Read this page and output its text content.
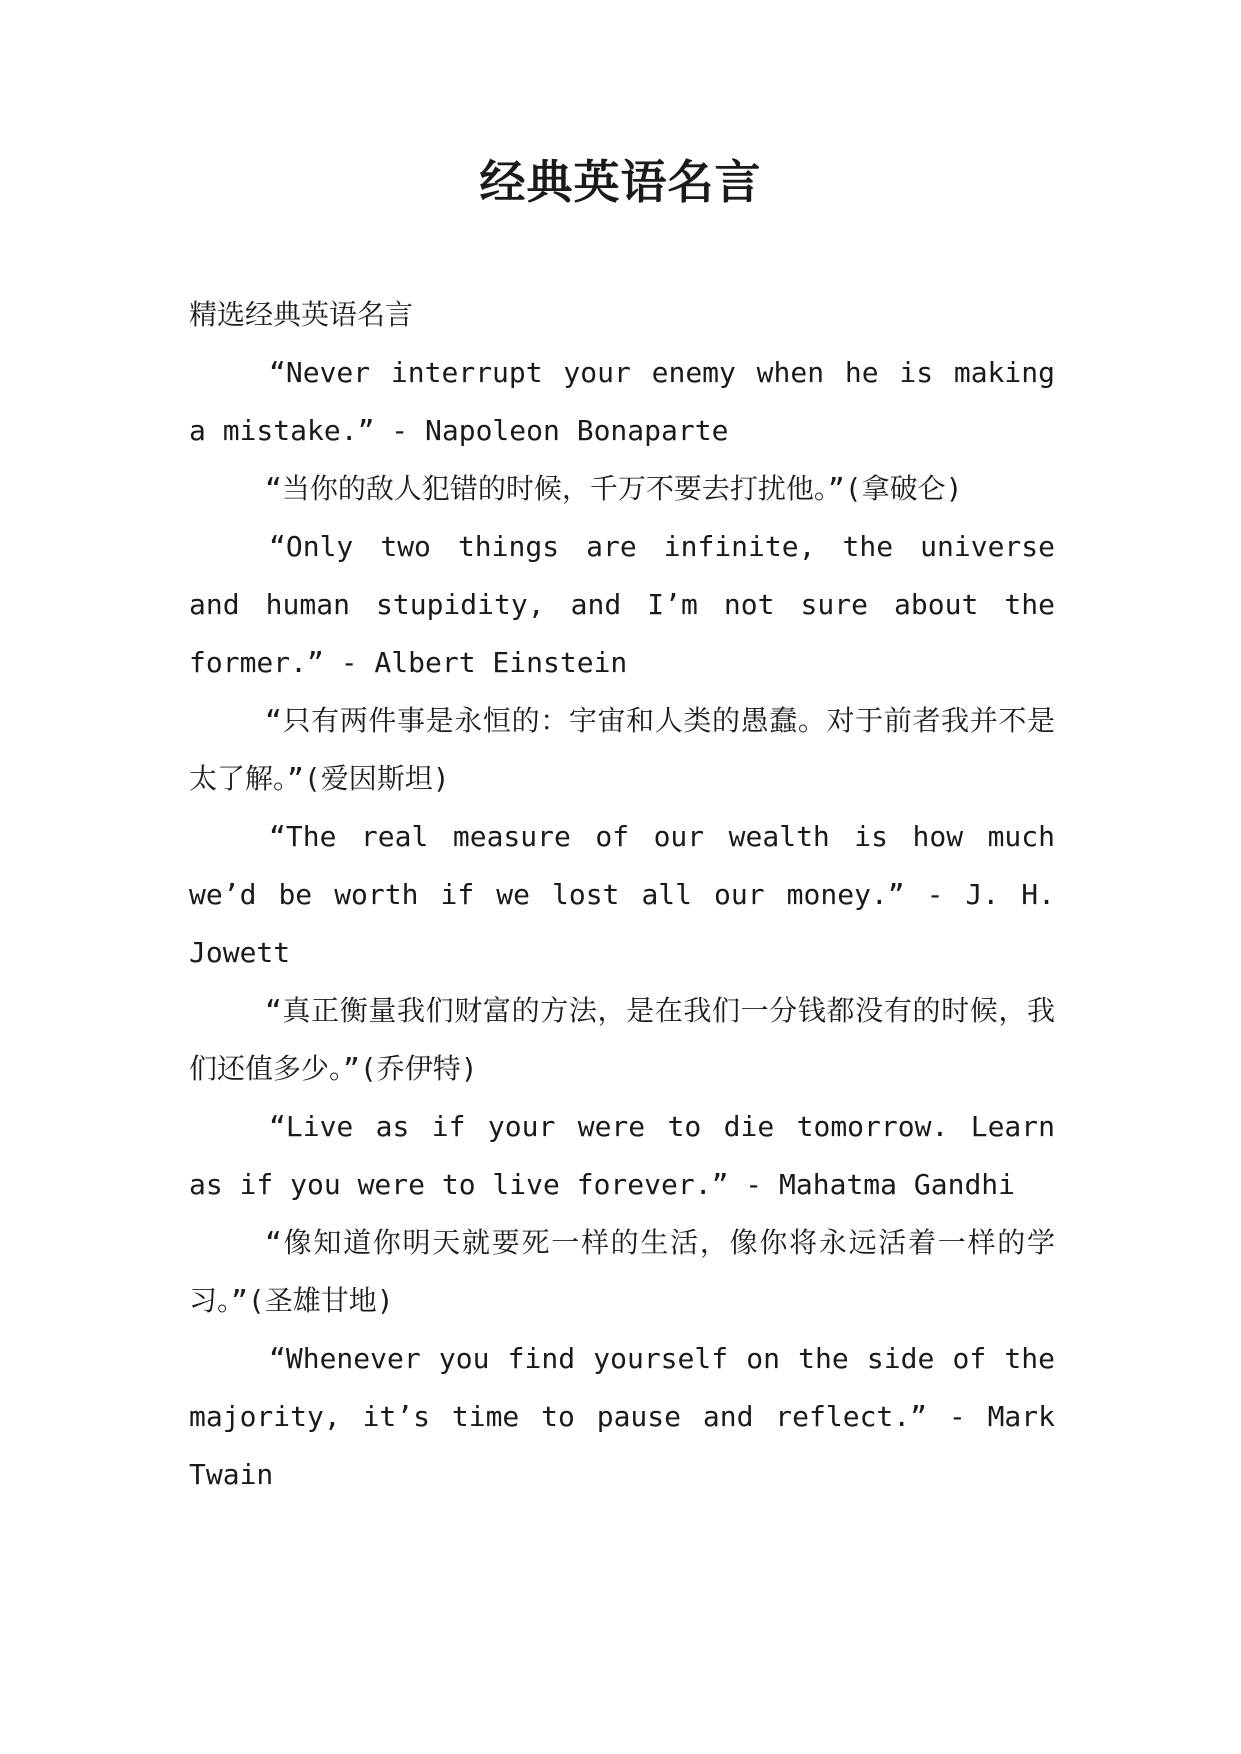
经典英语名言

精选经典英语名言

“Never interrupt your enemy when he is making a mistake.” - Napoleon Bonaparte

“当你的敌人犯错的时候，千万不要去打扰他。”(拿破仑)

“Only two things are infinite, the universe and human stupidity, and I’m not sure about the former.” - Albert Einstein

“只有两件事是永恒的：宇宙和人类的愚蠢。对于前者我并不是太了解。”(爱因斯坦)

“The real measure of our wealth is how much we’d be worth if we lost all our money.” - J. H. Jowett

“真正衡量我们财富的方法，是在我们一分钱都没有的时候，我们还值多少。”(乔伊特)

“Live as if your were to die tomorrow. Learn as if you were to live forever.” - Mahatma Gandhi

“像知道你明天就要死一样的生活，像你将永远活着一样的学习。”(圣雄甘地)

“Whenever you find yourself on the side of the majority, it’s time to pause and reflect.” - Mark Twain
